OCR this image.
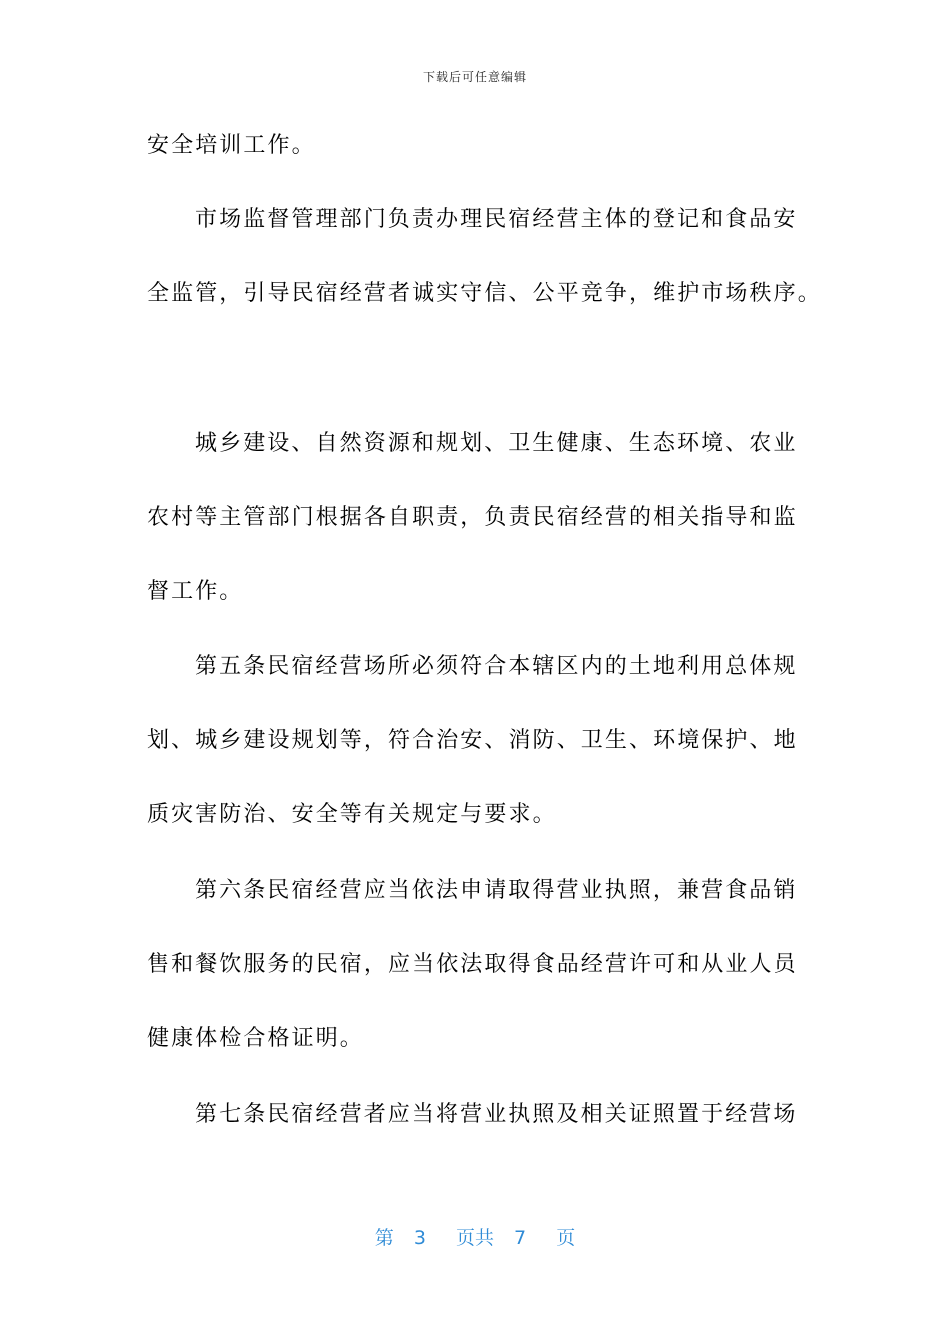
下载后可任意编辑
安全培训工作。
市场监督管理部门负责办理民宿经营主体的登记和食品安
全监管，引导民宿经营者诚实守信、公平竞争，维护市场秩序。
城乡建设、自然资源和规划、卫生健康、生态环境、农业
农村等主管部门根据各自职责，负责民宿经营的相关指导和监
督工作。
第五条民宿经营场所必须符合本辖区内的土地利用总体规
划、城乡建设规划等，符合治安、消防、卫生、环境保护、地
质灾害防治、安全等有关规定与要求。
第六条民宿经营应当依法申请取得营业执照，兼营食品销
售和餐饮服务的民宿，应当依法取得食品经营许可和从业人员
健康体检合格证明。
第七条民宿经营者应当将营业执照及相关证照置于经营场
第 3 页共 7 页
